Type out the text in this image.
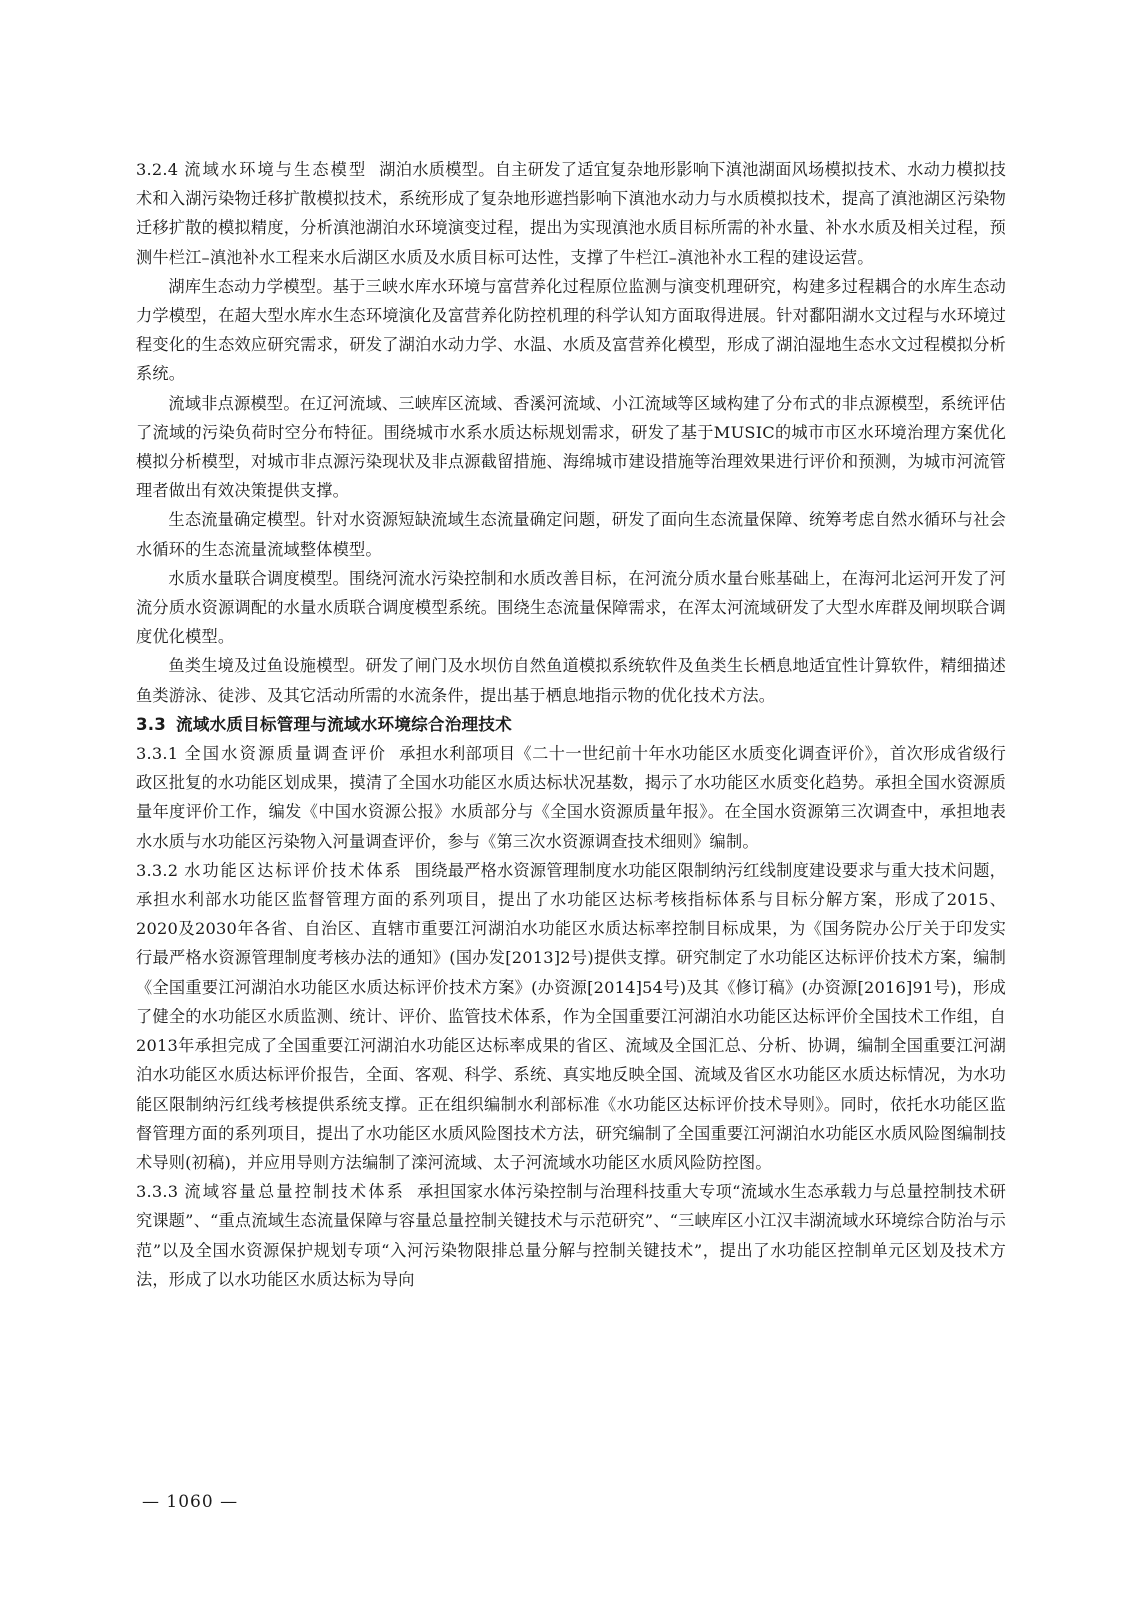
3.2.4 流域水环境与生态模型 湖泊水质模型。自主研发了适宜复杂地形影响下滇池湖面风场模拟技术、水动力模拟技术和入湖污染物迁移扩散模拟技术，系统形成了复杂地形遮挡影响下滇池水动力与水质模拟技术，提高了滇池湖区污染物迁移扩散的模拟精度，分析滇池湖泊水环境演变过程，提出为实现滇池水质目标所需的补水量、补水水质及相关过程，预测牛栏江–滇池补水工程来水后湖区水质及水质目标可达性，支撑了牛栏江–滇池补水工程的建设运营。

湖库生态动力学模型。基于三峡水库水环境与富营养化过程原位监测与演变机理研究，构建多过程耦合的水库生态动力学模型，在超大型水库水生态环境演化及富营养化防控机理的科学认知方面取得进展。针对鄱阳湖水文过程与水环境过程变化的生态效应研究需求，研发了湖泊水动力学、水温、水质及富营养化模型，形成了湖泊湿地生态水文过程模拟分析系统。

流域非点源模型。在辽河流域、三峡库区流域、香溪河流域、小江流域等区域构建了分布式的非点源模型，系统评估了流域的污染负荷时空分布特征。围绕城市水系水质达标规划需求，研发了基于MUSIC的城市市区水环境治理方案优化模拟分析模型，对城市非点源污染现状及非点源截留措施、海绵城市建设措施等治理效果进行评价和预测，为城市河流管理者做出有效决策提供支撑。

生态流量确定模型。针对水资源短缺流域生态流量确定问题，研发了面向生态流量保障、统筹考虑自然水循环与社会水循环的生态流量流域整体模型。

水质水量联合调度模型。围绕河流水污染控制和水质改善目标，在河流分质水量台账基础上，在海河北运河开发了河流分质水资源调配的水量水质联合调度模型系统。围绕生态流量保障需求，在浑太河流域研发了大型水库群及闸坝联合调度优化模型。

鱼类生境及过鱼设施模型。研发了闸门及水坝仿自然鱼道模拟系统软件及鱼类生长栖息地适宜性计算软件，精细描述鱼类游泳、徒涉、及其它活动所需的水流条件，提出基于栖息地指示物的优化技术方法。

3.3 流域水质目标管理与流域水环境综合治理技术

3.3.1 全国水资源质量调查评价 承担水利部项目《二十一世纪前十年水功能区水质变化调查评价》，首次形成省级行政区批复的水功能区划成果，摸清了全国水功能区水质达标状况基数，揭示了水功能区水质变化趋势。承担全国水资源质量年度评价工作，编发《中国水资源公报》水质部分与《全国水资源质量年报》。在全国水资源第三次调查中，承担地表水水质与水功能区污染物入河量调查评价，参与《第三次水资源调查技术细则》编制。

3.3.2 水功能区达标评价技术体系 围绕最严格水资源管理制度水功能区限制纳污红线制度建设要求与重大技术问题，承担水利部水功能区监督管理方面的系列项目，提出了水功能区达标考核指标体系与目标分解方案，形成了2015、2020及2030年各省、自治区、直辖市重要江河湖泊水功能区水质达标率控制目标成果，为《国务院办公厅关于印发实行最严格水资源管理制度考核办法的通知》(国办发[2013]2号)提供支撑。研究制定了水功能区达标评价技术方案，编制《全国重要江河湖泊水功能区水质达标评价技术方案》(办资源[2014]54号)及其《修订稿》(办资源[2016]91号)，形成了健全的水功能区水质监测、统计、评价、监管技术体系，作为全国重要江河湖泊水功能区达标评价全国技术工作组，自2013年承担完成了全国重要江河湖泊水功能区达标率成果的省区、流域及全国汇总、分析、协调，编制全国重要江河湖泊水功能区水质达标评价报告，全面、客观、科学、系统、真实地反映全国、流域及省区水功能区水质达标情况，为水功能区限制纳污红线考核提供系统支撑。正在组织编制水利部标准《水功能区达标评价技术导则》。同时，依托水功能区监督管理方面的系列项目，提出了水功能区水质风险图技术方法，研究编制了全国重要江河湖泊水功能区水质风险图编制技术导则(初稿)，并应用导则方法编制了滦河流域、太子河流域水功能区水质风险防控图。

3.3.3 流域容量总量控制技术体系 承担国家水体污染控制与治理科技重大专项“流域水生态承载力与总量控制技术研究课题”、“重点流域生态流量保障与容量总量控制关键技术与示范研究”、“三峡库区小江汉丰湖流域水环境综合防治与示范”以及全国水资源保护规划专项“入河污染物限排总量分解与控制关键技术”，提出了水功能区控制单元区划及技术方法，形成了以水功能区水质达标为导向

— 1060 —
